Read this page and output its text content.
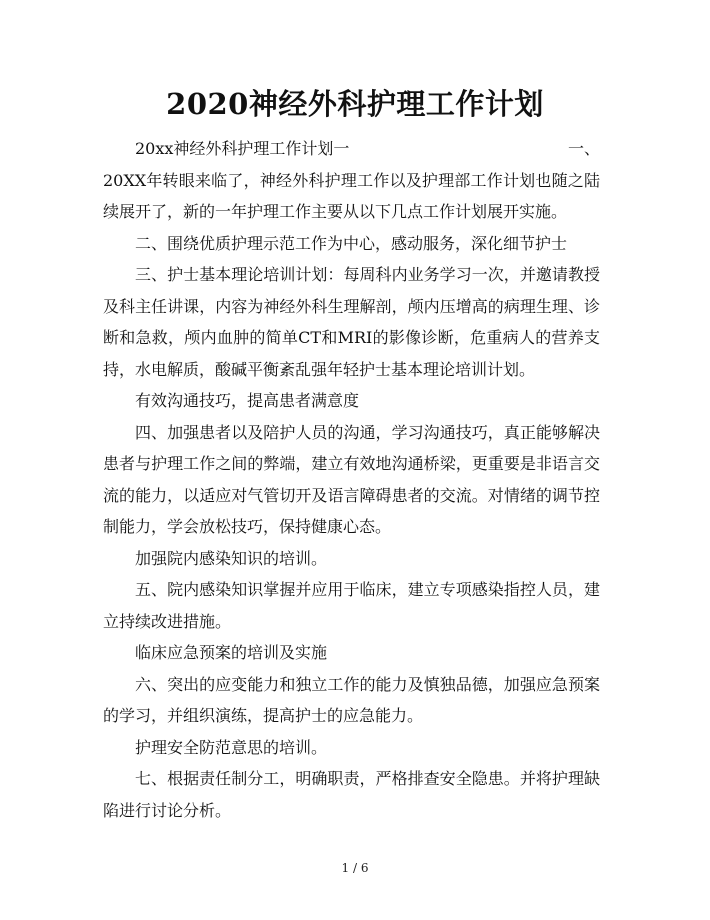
2020神经外科护理工作计划
20xx神经外科护理工作计划一	一、

20XX年转眼来临了，神经外科护理工作以及护理部工作计划也随之陆续展开了，新的一年护理工作主要从以下几点工作计划展开实施。

二、围绕优质护理示范工作为中心，感动服务，深化细节护士

三、护士基本理论培训计划：每周科内业务学习一次，并邀请教授及科主任讲课，内容为神经外科生理解剖，颅内压增高的病理生理、诊断和急救，颅内血肿的简单CT和MRI的影像诊断，危重病人的营养支持，水电解质，酸碱平衡紊乱强年轻护士基本理论培训计划。

有效沟通技巧，提高患者满意度

四、加强患者以及陪护人员的沟通，学习沟通技巧，真正能够解决患者与护理工作之间的弊端，建立有效地沟通桥梁，更重要是非语言交流的能力，以适应对气管切开及语言障碍患者的交流。对情绪的调节控制能力，学会放松技巧，保持健康心态。

加强院内感染知识的培训。

五、院内感染知识掌握并应用于临床，建立专项感染指控人员，建立持续改进措施。

临床应急预案的培训及实施

六、突出的应变能力和独立工作的能力及慎独品德，加强应急预案的学习，并组织演练，提高护士的应急能力。

护理安全防范意思的培训。

七、根据责任制分工，明确职责，严格排查安全隐患。并将护理缺陷进行讨论分析。

1 / 6
